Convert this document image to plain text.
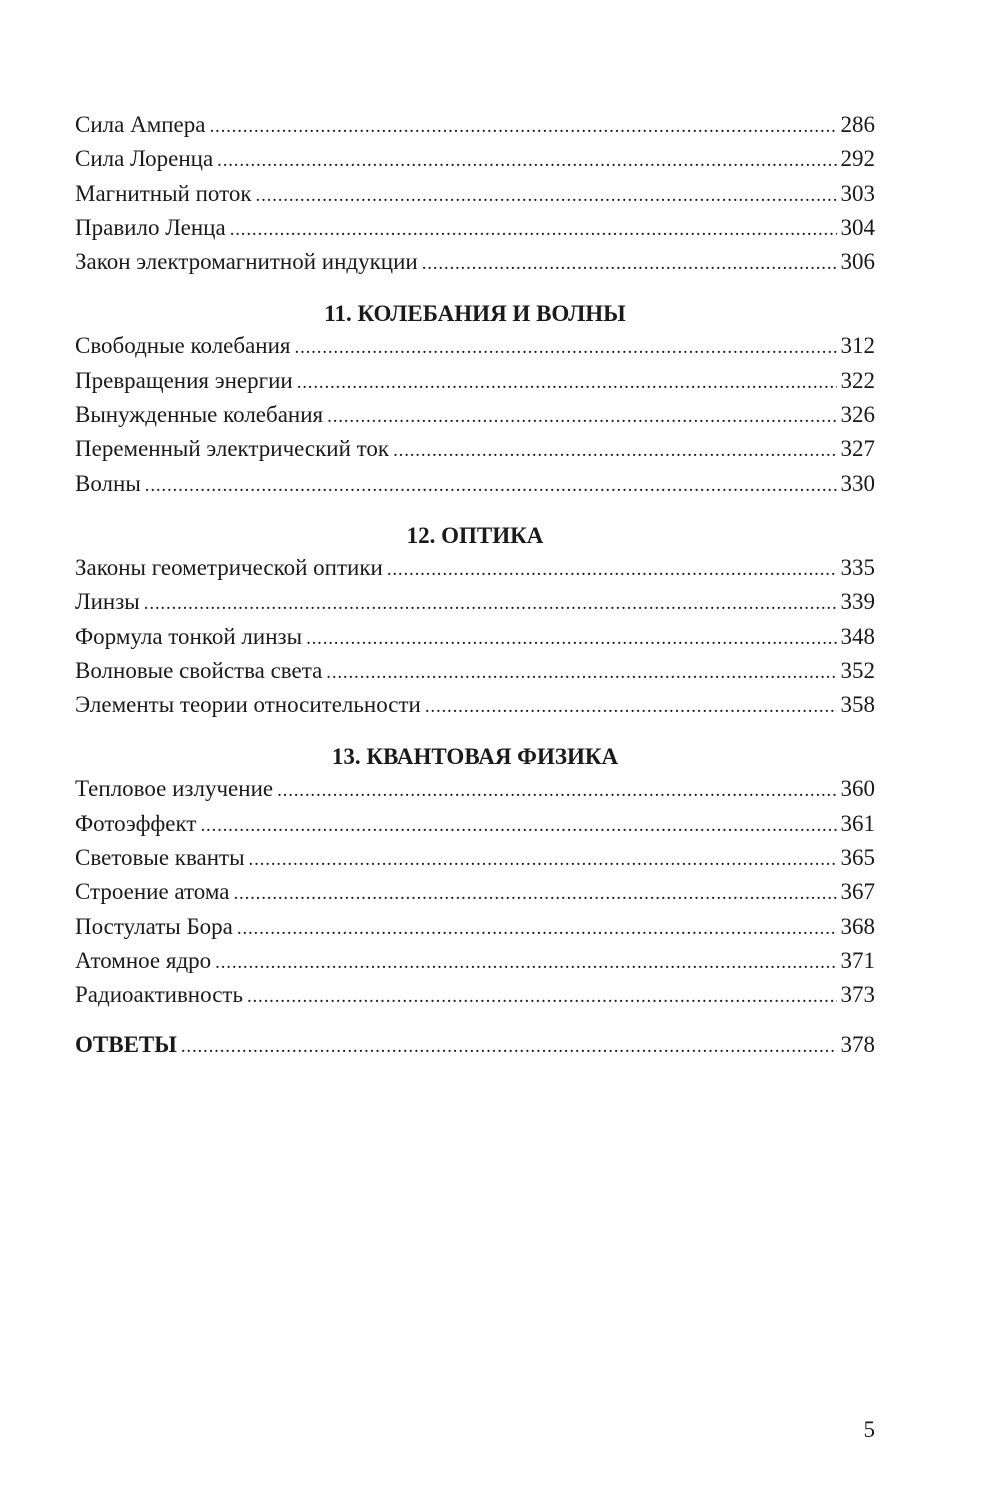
Сила Ампера .....	286
Сила Лоренца .....	292
Магнитный поток .....	303
Правило Ленца .....	304
Закон электромагнитной индукции .....	306
11. КОЛЕБАНИЯ И ВОЛНЫ
Свободные колебания .....	312
Превращения энергии .....	322
Вынужденные колебания .....	326
Переменный электрический ток .....	327
Волны .....	330
12. ОПТИКА
Законы геометрической оптики .....	335
Линзы .....	339
Формула тонкой линзы .....	348
Волновые свойства света .....	352
Элементы теории относительности .....	358
13. КВАНТОВАЯ ФИЗИКА
Тепловое излучение .....	360
Фотоэффект .....	361
Световые кванты .....	365
Строение атома .....	367
Постулаты Бора .....	368
Атомное ядро .....	371
Радиоактивность .....	373
ОТВЕТЫ .....	378
5
